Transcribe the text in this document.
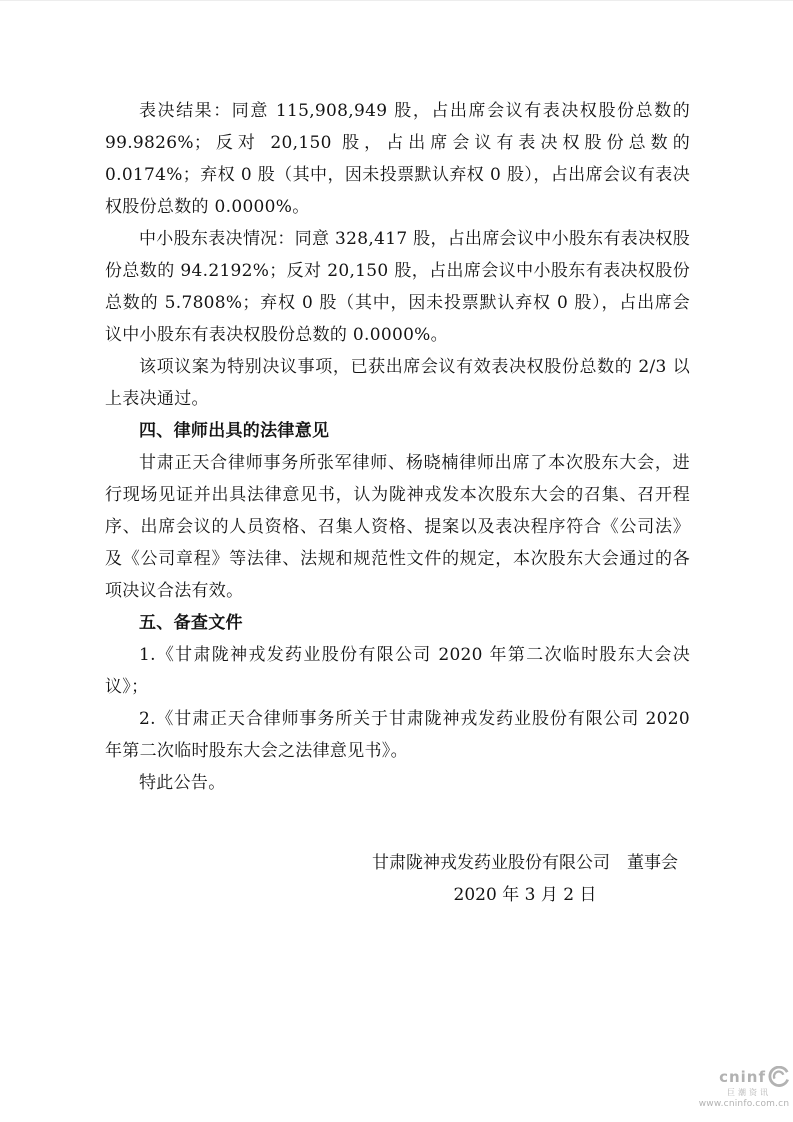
表决结果：同意 115,908,949 股，占出席会议有表决权股份总数的 99.9826%；反对 20,150 股，占出席会议有表决权股份总数的 0.0174%；弃权 0 股（其中，因未投票默认弃权 0 股），占出席会议有表决权股份总数的 0.0000%。

中小股东表决情况：同意 328,417 股，占出席会议中小股东有表决权股份总数的 94.2192%；反对 20,150 股，占出席会议中小股东有表决权股份总数的 5.7808%；弃权 0 股（其中，因未投票默认弃权 0 股），占出席会议中小股东有表决权股份总数的 0.0000%。

该项议案为特别决议事项，已获出席会议有效表决权股份总数的 2/3 以上表决通过。

四、律师出具的法律意见

甘肃正天合律师事务所张军律师、杨晓楠律师出席了本次股东大会，进行现场见证并出具法律意见书，认为陇神戎发本次股东大会的召集、召开程序、出席会议的人员资格、召集人资格、提案以及表决程序符合《公司法》及《公司章程》等法律、法规和规范性文件的规定，本次股东大会通过的各项决议合法有效。

五、备查文件

1.《甘肃陇神戎发药业股份有限公司 2020 年第二次临时股东大会决议》；

2.《甘肃正天合律师事务所关于甘肃陇神戎发药业股份有限公司 2020 年第二次临时股东大会之法律意见书》。

特此公告。

甘肃陇神戎发药业股份有限公司　董事会
2020 年 3 月 2 日
cninf
巨潮资讯
www.cninfo.com.cn
